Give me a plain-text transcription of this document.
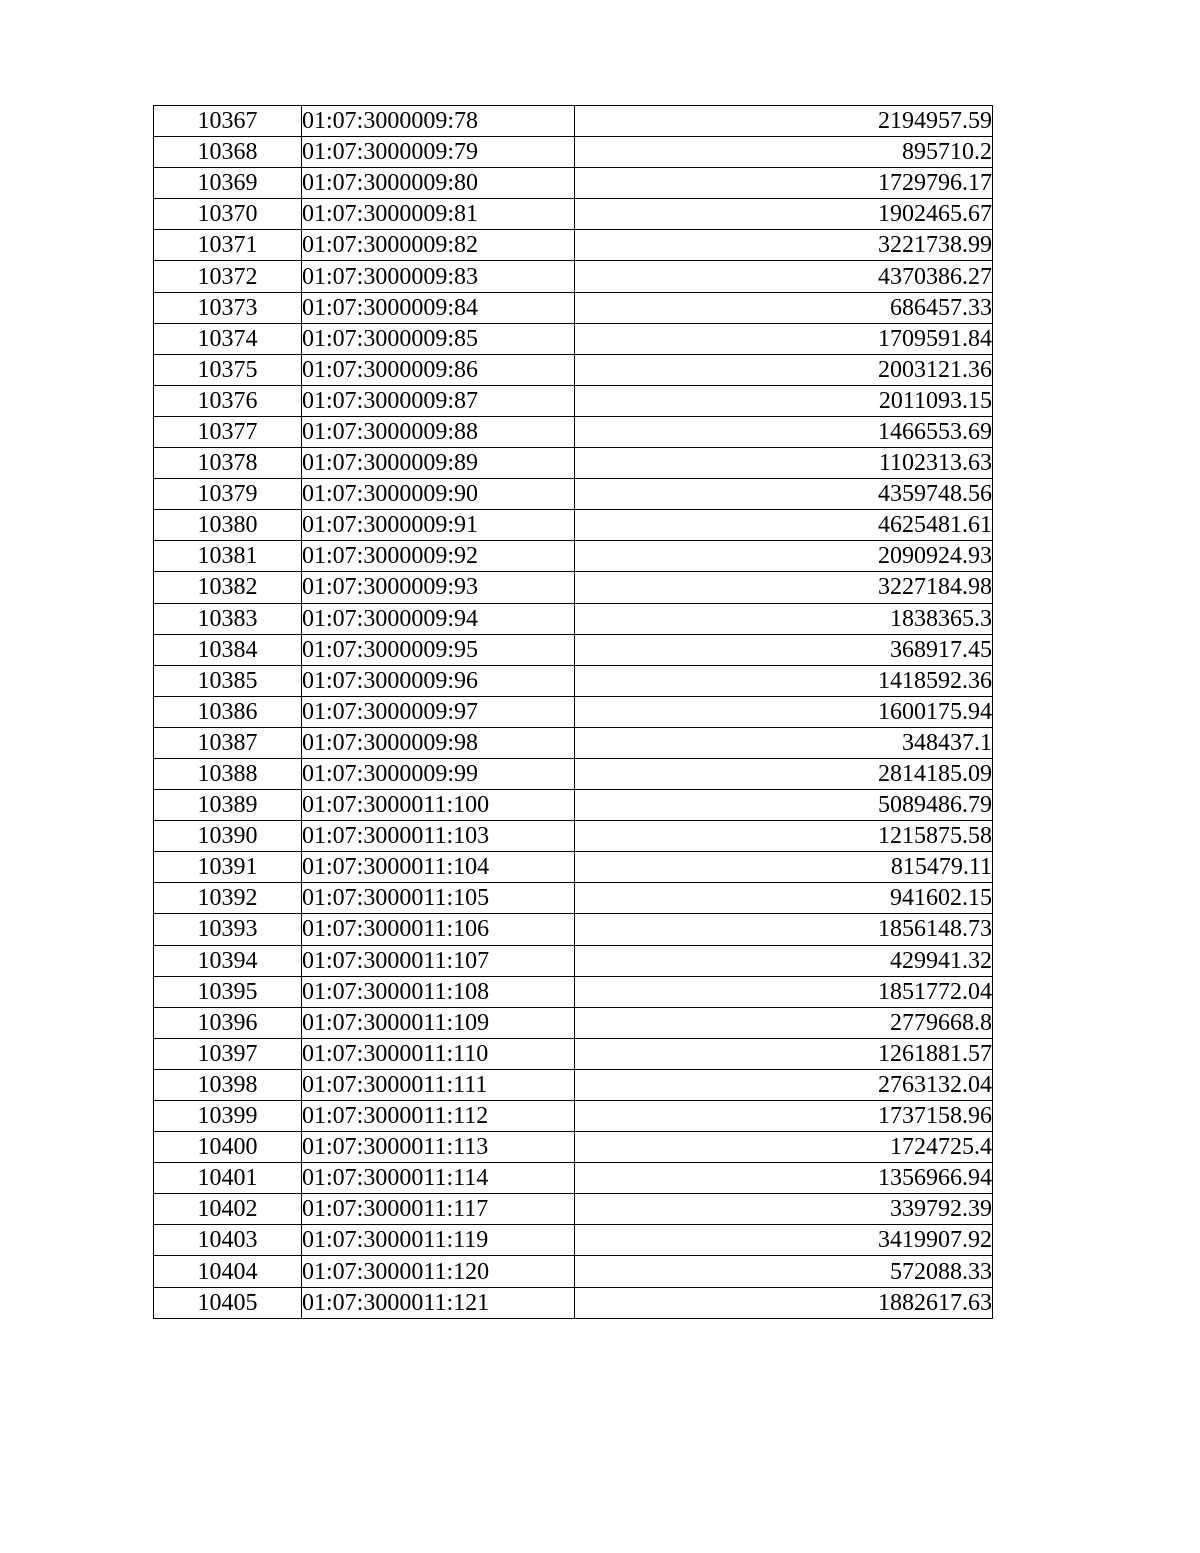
10367	01:07:3000009:78	2194957.59
10368	01:07:3000009:79	895710.2
10369	01:07:3000009:80	1729796.17
10370	01:07:3000009:81	1902465.67
10371	01:07:3000009:82	3221738.99
10372	01:07:3000009:83	4370386.27
10373	01:07:3000009:84	686457.33
10374	01:07:3000009:85	1709591.84
10375	01:07:3000009:86	2003121.36
10376	01:07:3000009:87	2011093.15
10377	01:07:3000009:88	1466553.69
10378	01:07:3000009:89	1102313.63
10379	01:07:3000009:90	4359748.56
10380	01:07:3000009:91	4625481.61
10381	01:07:3000009:92	2090924.93
10382	01:07:3000009:93	3227184.98
10383	01:07:3000009:94	1838365.3
10384	01:07:3000009:95	368917.45
10385	01:07:3000009:96	1418592.36
10386	01:07:3000009:97	1600175.94
10387	01:07:3000009:98	348437.1
10388	01:07:3000009:99	2814185.09
10389	01:07:3000011:100	5089486.79
10390	01:07:3000011:103	1215875.58
10391	01:07:3000011:104	815479.11
10392	01:07:3000011:105	941602.15
10393	01:07:3000011:106	1856148.73
10394	01:07:3000011:107	429941.32
10395	01:07:3000011:108	1851772.04
10396	01:07:3000011:109	2779668.8
10397	01:07:3000011:110	1261881.57
10398	01:07:3000011:111	2763132.04
10399	01:07:3000011:112	1737158.96
10400	01:07:3000011:113	1724725.4
10401	01:07:3000011:114	1356966.94
10402	01:07:3000011:117	339792.39
10403	01:07:3000011:119	3419907.92
10404	01:07:3000011:120	572088.33
10405	01:07:3000011:121	1882617.63
